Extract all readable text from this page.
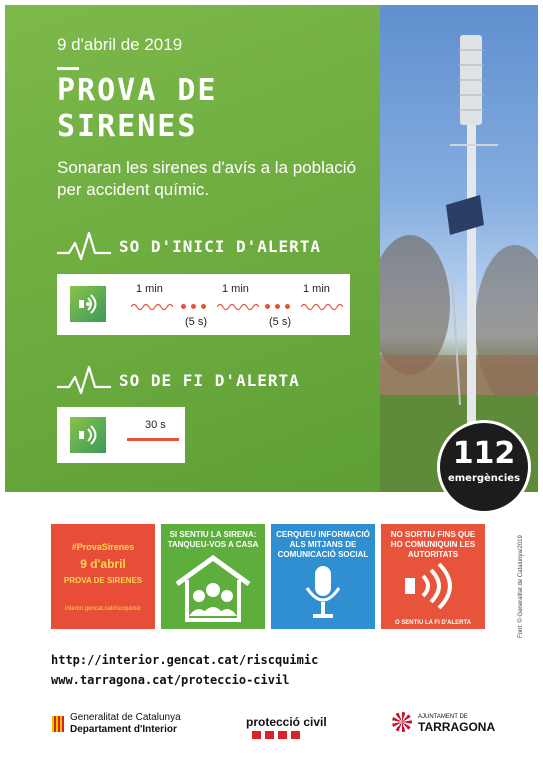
9 d'abril de 2019
PROVA DE SIRENES
Sonaran les sirenes d'avís a la població per accident químic.
SO D'INICI D'ALERTA
1 min
(5 s)
1 min
(5 s)
1 min
SO DE FI D'ALERTA
30 s
112
emergències
#ProvaSirenes
9 d'abril
PROVA DE SIRENES
interior.gencat.cat/riscquimic
SI SENTIU LA SIRENA: TANQUEU-VOS A CASA
CERQUEU INFORMACIÓ ALS MITJANS DE COMUNICACIÓ SOCIAL
NO SORTIU FINS QUE HO COMUNIQUIN LES AUTORITATS
O SENTIU LA FI D'ALERTA	Font: © Generalitat de Catalunya/2019
http://interior.gencat.cat/riscquimic
www.tarragona.cat/proteccio-civil
Generalitat de Catalunya
Departament d'Interior
protecció civil	AJUNTAMENT DE
TARRAGONA
